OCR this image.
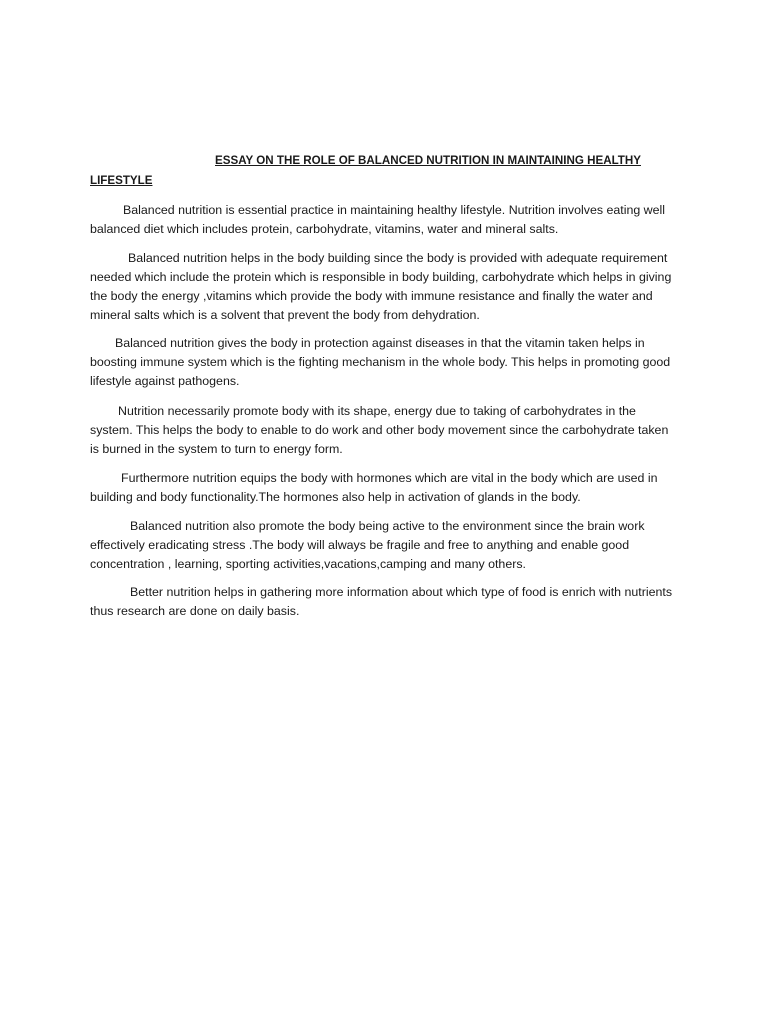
ESSAY ON THE ROLE OF BALANCED NUTRITION IN MAINTAINING HEALTHY LIFESTYLE

Balanced nutrition is essential practice in maintaining healthy lifestyle. Nutrition involves eating well balanced diet which includes protein, carbohydrate, vitamins, water and mineral salts.

Balanced nutrition helps in the body building since the body is provided with adequate requirement needed which include the protein which is responsible in body building, carbohydrate which helps in giving the body the energy ,vitamins which provide the body with immune resistance and finally the water and mineral salts which is a solvent that prevent the body from dehydration.

Balanced nutrition gives the body in protection against diseases in that the vitamin taken helps in boosting immune system which is the fighting mechanism in the whole body. This helps in promoting good lifestyle against pathogens.

Nutrition necessarily promote body with its shape, energy due to taking of carbohydrates in the system. This helps the body to enable to do work and other body movement since the carbohydrate taken is burned in the system to turn to energy form.

Furthermore nutrition equips the body with hormones which are vital in the body which are used in building and body functionality.The hormones also help in activation of glands in the body.

Balanced nutrition also promote the body being active to the environment since the brain work effectively eradicating stress .The body will always be fragile and free to anything and enable good concentration , learning, sporting activities,vacations,camping and many others.

Better nutrition helps in gathering more information about which type of food is enrich with nutrients thus research are done on daily basis.
